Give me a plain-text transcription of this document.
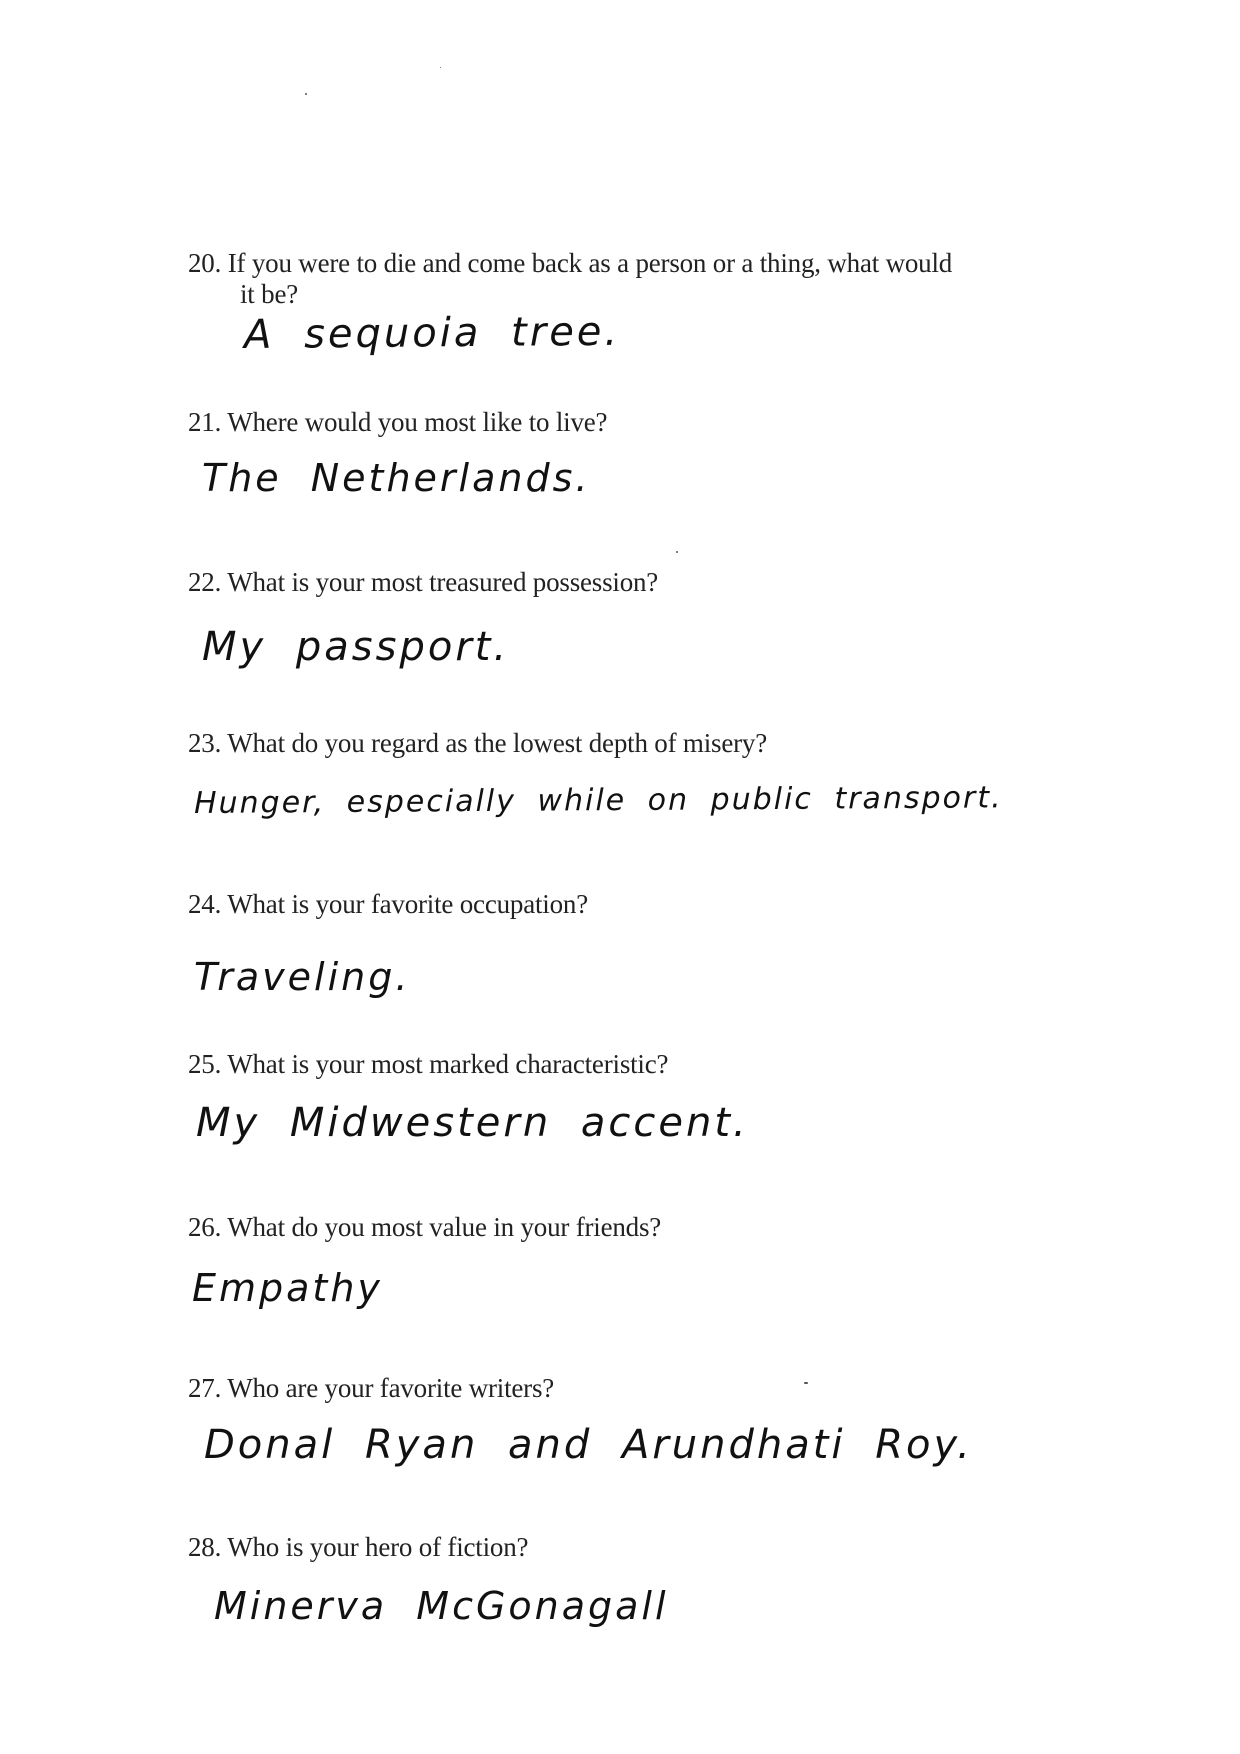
20. If you were to die and come back as a person or a thing, what would
it be?
A sequoia tree.
21. Where would you most like to live?
The Netherlands.
22. What is your most treasured possession?
My passport.
23. What do you regard as the lowest depth of misery?
Hunger, especially while on public transport.
24. What is your favorite occupation?
Traveling.
25. What is your most marked characteristic?
My Midwestern accent.
26. What do you most value in your friends?
Empathy
27. Who are your favorite writers?
Donal Ryan and Arundhati Roy.
28. Who is your hero of fiction?
Minerva McGonagall
